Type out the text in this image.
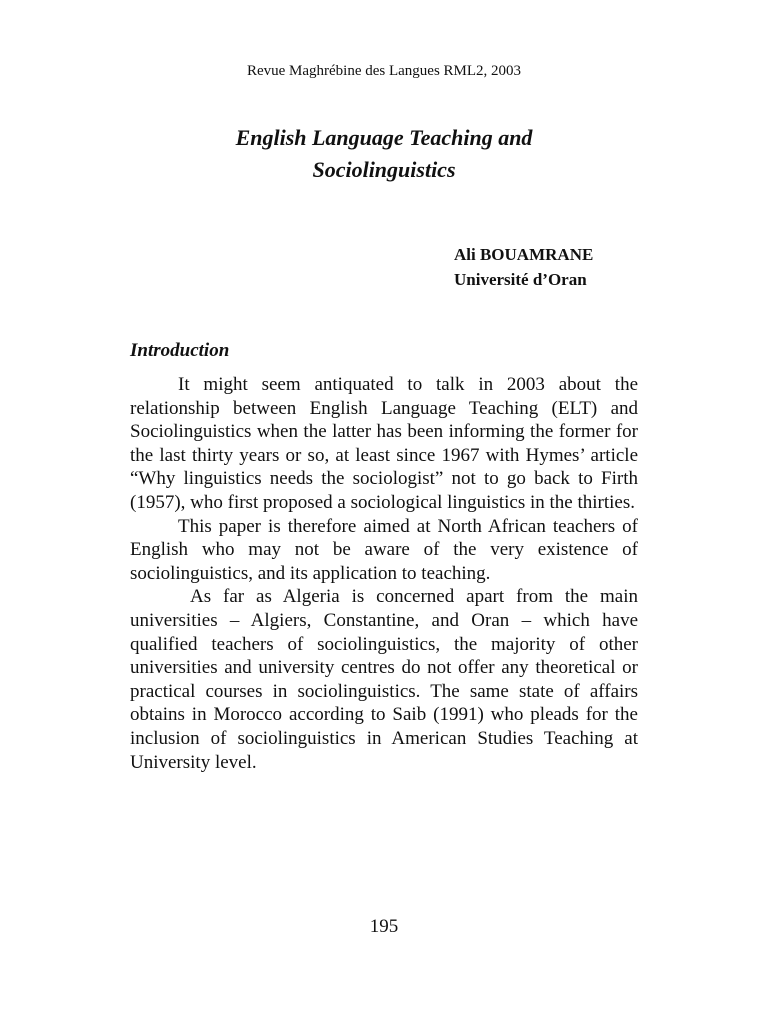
Revue Maghrébine des Langues RML2, 2003
English Language Teaching and
Sociolinguistics
Ali BOUAMRANE
Université d’Oran
Introduction

It might seem antiquated to talk in 2003 about the relationship between English Language Teaching (ELT) and Sociolinguistics when the latter has been informing the former for the last thirty years or so, at least since 1967 with Hymes’ article “Why linguistics needs the sociologist” not to go back to Firth (1957), who first proposed a sociological linguistics in the thirties.

This paper is therefore aimed at North African teachers of English who may not be aware of the very existence of sociolinguistics, and its application to teaching.

As far as Algeria is concerned apart from the main universities – Algiers, Constantine, and Oran – which have qualified teachers of sociolinguistics, the majority of other universities and university centres do not offer any theoretical or practical courses in sociolinguistics. The same state of affairs obtains in Morocco according to Saib (1991) who pleads for the inclusion of sociolinguistics in American Studies Teaching at University level.

195
